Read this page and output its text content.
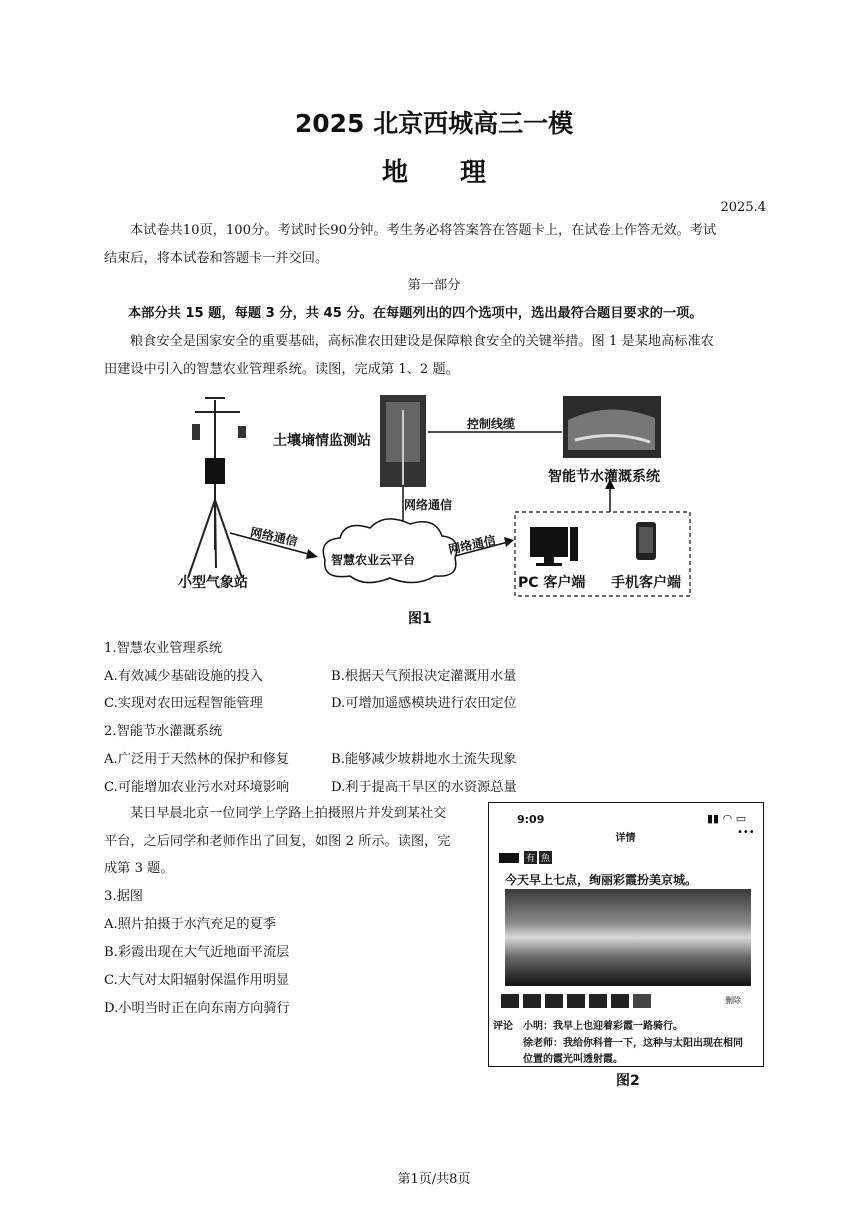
2025 北京西城高三一模
地理
2025.4
本试卷共10页，100分。考试时长90分钟。考生务必将答案答在答题卡上，在试卷上作答无效。考试
结束后，将本试卷和答题卡一并交回。
第一部分
本部分共 15 题，每题 3 分，共 45 分。在每题列出的四个选项中，选出最符合题目要求的一项。
粮食安全是国家安全的重要基础，高标准农田建设是保障粮食安全的关键举措。图 1 是某地高标准农
田建设中引入的智慧农业管理系统。读图，完成第 1、2 题。
土壤墒情监测站
控制线缆
智能节水灌溉系统
网络通信
网络通信	网络通信
智慧农业云平台
小型气象站	PC 客户端 手机客户端
图1
1.智慧农业管理系统
A.有效减少基础设施的投入	B.根据天气预报决定灌溉用水量
C.实现对农田远程智能管理	D.可增加遥感模块进行农田定位
2.智能节水灌溉系统
A.广泛用于天然林的保护和修复	B.能够减少坡耕地水土流失现象
C.可能增加农业污水对环境影响	D.利于提高干旱区的水资源总量
某日早晨北京一位同学上学路上拍摄照片并发到某社交
平台，之后同学和老师作出了回复，如图 2 所示。读图，完
成第 3 题。
3.据图
A.照片拍摄于水汽充足的夏季
B.彩霞出现在大气近地面平流层
C.大气对太阳辐射保温作用明显
D.小明当时正在向东南方向骑行
9:09	▮▮ ◠ ▭
详情
•••
有 魚
今天早上七点，绚丽彩霞扮美京城。
删除
评论 小明：我早上也迎着彩霞一路骑行。
徐老师：我给你科普一下，这种与太阳出现在相同
位置的霞光叫透射霞。
图2
第1页/共8页
